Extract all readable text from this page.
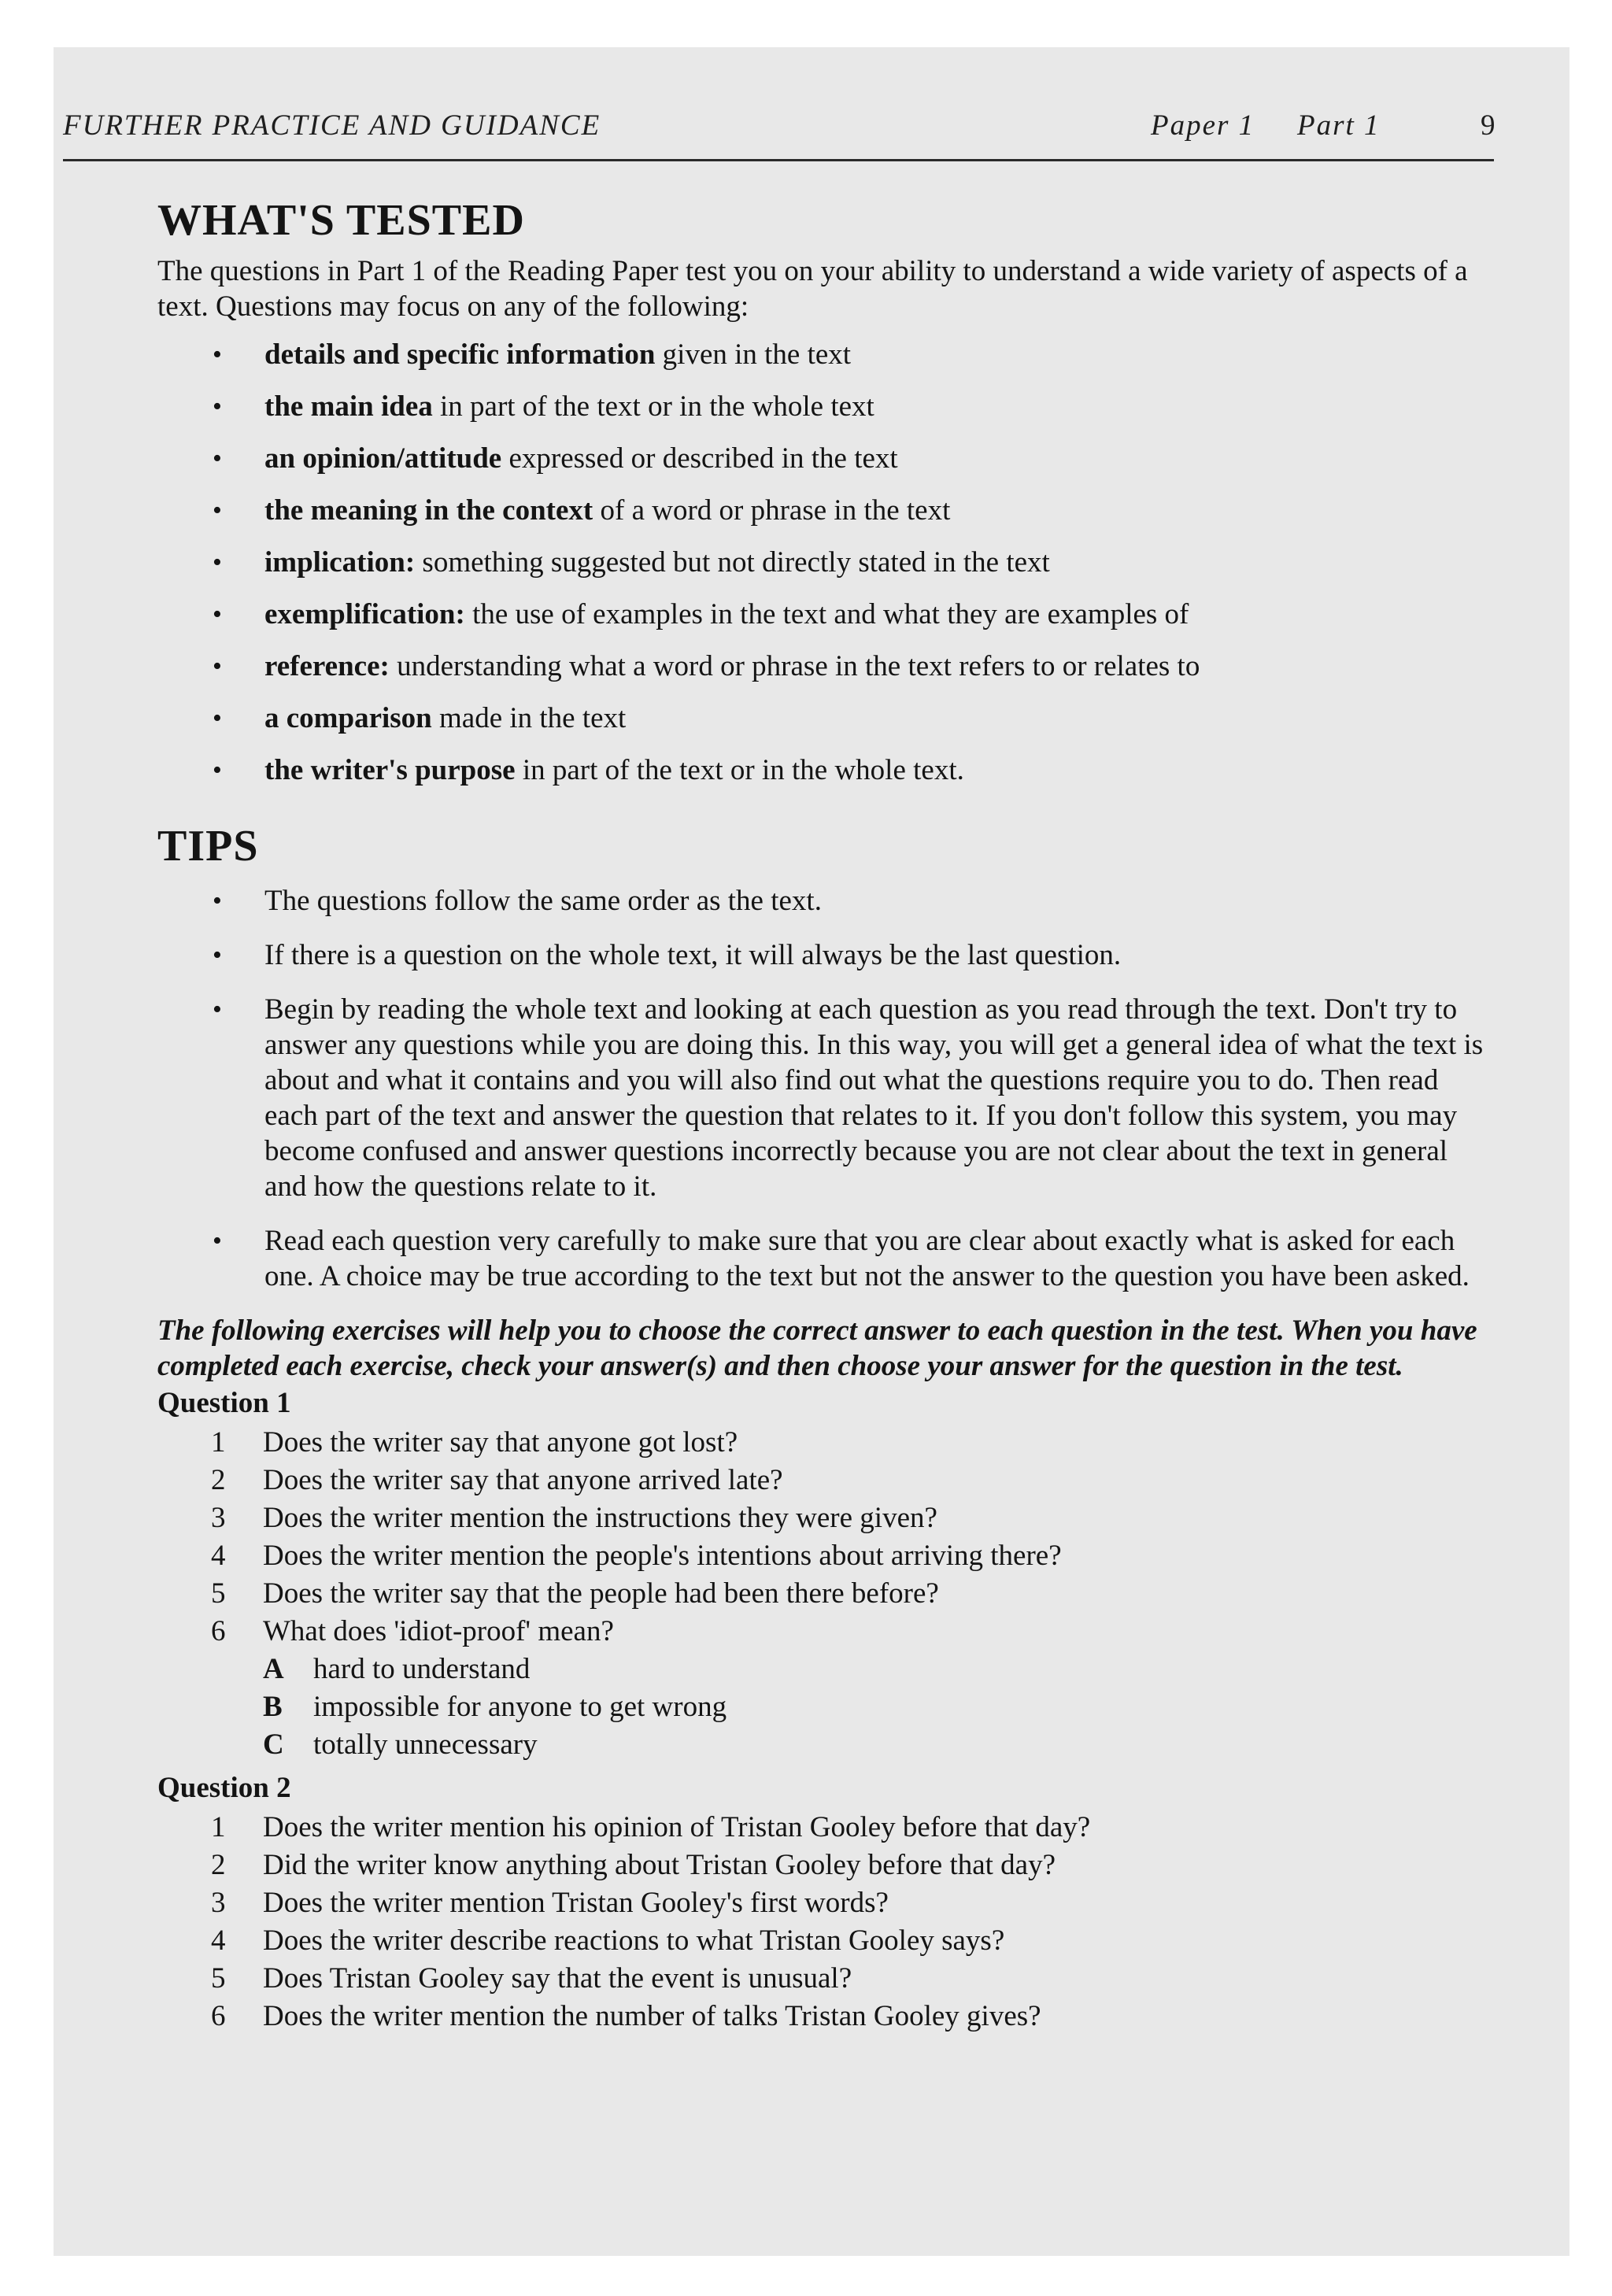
FURTHER PRACTICE AND GUIDANCE	Paper 1 Part 1	9
WHAT'S TESTED

The questions in Part 1 of the Reading Paper test you on your ability to understand a wide variety of aspects of a text. Questions may focus on any of the following:

• details and specific information given in the text
• the main idea in part of the text or in the whole text
• an opinion/attitude expressed or described in the text
• the meaning in the context of a word or phrase in the text
• implication: something suggested but not directly stated in the text
• exemplification: the use of examples in the text and what they are examples of
• reference: understanding what a word or phrase in the text refers to or relates to
• a comparison made in the text
• the writer's purpose in part of the text or in the whole text.
TIPS
• The questions follow the same order as the text.
• If there is a question on the whole text, it will always be the last question.
• Begin by reading the whole text and looking at each question as you read through the text. Don't try to answer any questions while you are doing this. In this way, you will get a general idea of what the text is about and what it contains and you will also find out what the questions require you to do. Then read each part of the text and answer the question that relates to it. If you don't follow this system, you may become confused and answer questions incorrectly because you are not clear about the text in general and how the questions relate to it.
• Read each question very carefully to make sure that you are clear about exactly what is asked for each one. A choice may be true according to the text but not the answer to the question you have been asked.

The following exercises will help you to choose the correct answer to each question in the test. When you have completed each exercise, check your answer(s) and then choose your answer for the question in the test.

Question 1
1 Does the writer say that anyone got lost?
2 Does the writer say that anyone arrived late?
3 Does the writer mention the instructions they were given?
4 Does the writer mention the people's intentions about arriving there?
5 Does the writer say that the people had been there before?
6 What does 'idiot-proof' mean?
A hard to understand
B impossible for anyone to get wrong
C totally unnecessary
Question 2
1 Does the writer mention his opinion of Tristan Gooley before that day?
2 Did the writer know anything about Tristan Gooley before that day?
3 Does the writer mention Tristan Gooley's first words?
4 Does the writer describe reactions to what Tristan Gooley says?
5 Does Tristan Gooley say that the event is unusual?
6 Does the writer mention the number of talks Tristan Gooley gives?
